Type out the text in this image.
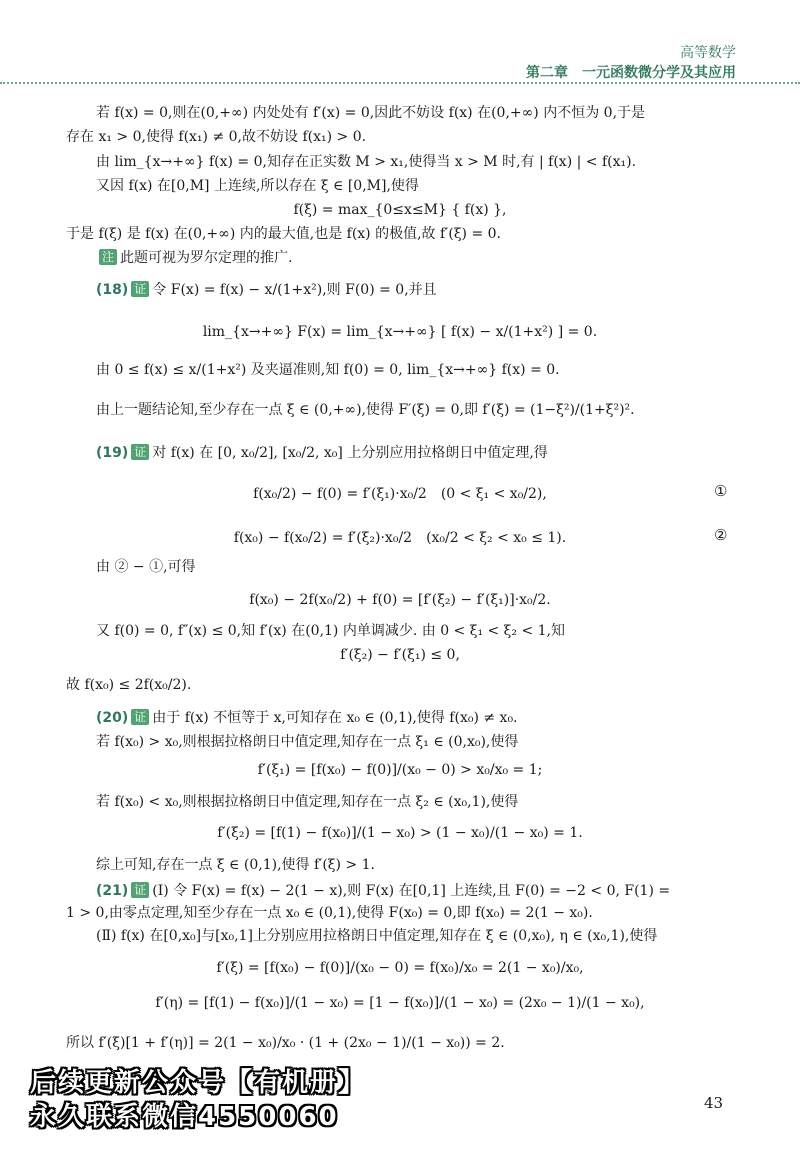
高等数学
第二章　一元函数微分学及其应用
若 f(x) = 0,则在(0,+∞) 内处处有 f′(x) = 0,因此不妨设 f(x) 在(0,+∞) 内不恒为 0,于是
存在 x₁ > 0,使得 f(x₁) ≠ 0,故不妨设 f(x₁) > 0.
由 lim_{x→+∞} f(x) = 0,知存在正实数 M > x₁,使得当 x > M 时,有 | f(x) | < f(x₁).
又因 f(x) 在[0,M] 上连续,所以存在 ξ ∈ [0,M],使得
f(ξ) = max_{0≤x≤M} { f(x) },
于是 f(ξ) 是 f(x) 在(0,+∞) 内的最大值,也是 f(x) 的极值,故 f′(ξ) = 0.
注 此题可视为罗尔定理的推广.
(18) 证 令 F(x) = f(x) − x/(1+x²),则 F(0) = 0,并且
lim_{x→+∞} F(x) = lim_{x→+∞} [ f(x) − x/(1+x²) ] = 0.
由 0 ≤ f(x) ≤ x/(1+x²) 及夹逼准则,知 f(0) = 0, lim_{x→+∞} f(x) = 0.
由上一题结论知,至少存在一点 ξ ∈ (0,+∞),使得 F′(ξ) = 0,即 f′(ξ) = (1−ξ²)/(1+ξ²)².
(19) 证 对 f(x) 在 [0, x₀/2], [x₀/2, x₀] 上分别应用拉格朗日中值定理,得
f(x₀/2) − f(0) = f′(ξ₁)·x₀/2　(0 < ξ₁ < x₀/2),	①
f(x₀) − f(x₀/2) = f′(ξ₂)·x₀/2　(x₀/2 < ξ₂ < x₀ ≤ 1).	②
由 ② − ①,可得
f(x₀) − 2f(x₀/2) + f(0) = [f′(ξ₂) − f′(ξ₁)]·x₀/2.
又 f(0) = 0, f″(x) ≤ 0,知 f′(x) 在(0,1) 内单调减少. 由 0 < ξ₁ < ξ₂ < 1,知
f′(ξ₂) − f′(ξ₁) ≤ 0,
故 f(x₀) ≤ 2f(x₀/2).
(20) 证 由于 f(x) 不恒等于 x,可知存在 x₀ ∈ (0,1),使得 f(x₀) ≠ x₀.
若 f(x₀) > x₀,则根据拉格朗日中值定理,知存在一点 ξ₁ ∈ (0,x₀),使得
f′(ξ₁) = [f(x₀) − f(0)]/(x₀ − 0) > x₀/x₀ = 1;
若 f(x₀) < x₀,则根据拉格朗日中值定理,知存在一点 ξ₂ ∈ (x₀,1),使得
f′(ξ₂) = [f(1) − f(x₀)]/(1 − x₀) > (1 − x₀)/(1 − x₀) = 1.
综上可知,存在一点 ξ ∈ (0,1),使得 f′(ξ) > 1.
(21) 证 (Ⅰ) 令 F(x) = f(x) − 2(1 − x),则 F(x) 在[0,1] 上连续,且 F(0) = −2 < 0, F(1) =
1 > 0,由零点定理,知至少存在一点 x₀ ∈ (0,1),使得 F(x₀) = 0,即 f(x₀) = 2(1 − x₀).
(Ⅱ) f(x) 在[0,x₀]与[x₀,1]上分别应用拉格朗日中值定理,知存在 ξ ∈ (0,x₀), η ∈ (x₀,1),使得
f′(ξ) = [f(x₀) − f(0)]/(x₀ − 0) = f(x₀)/x₀ = 2(1 − x₀)/x₀,
f′(η) = [f(1) − f(x₀)]/(1 − x₀) = [1 − f(x₀)]/(1 − x₀) = (2x₀ − 1)/(1 − x₀),
所以 f′(ξ)[1 + f′(η)] = 2(1 − x₀)/x₀ · (1 + (2x₀ − 1)/(1 − x₀)) = 2.
43
后续更新公众号【有机册】
永久联系微信4550060
